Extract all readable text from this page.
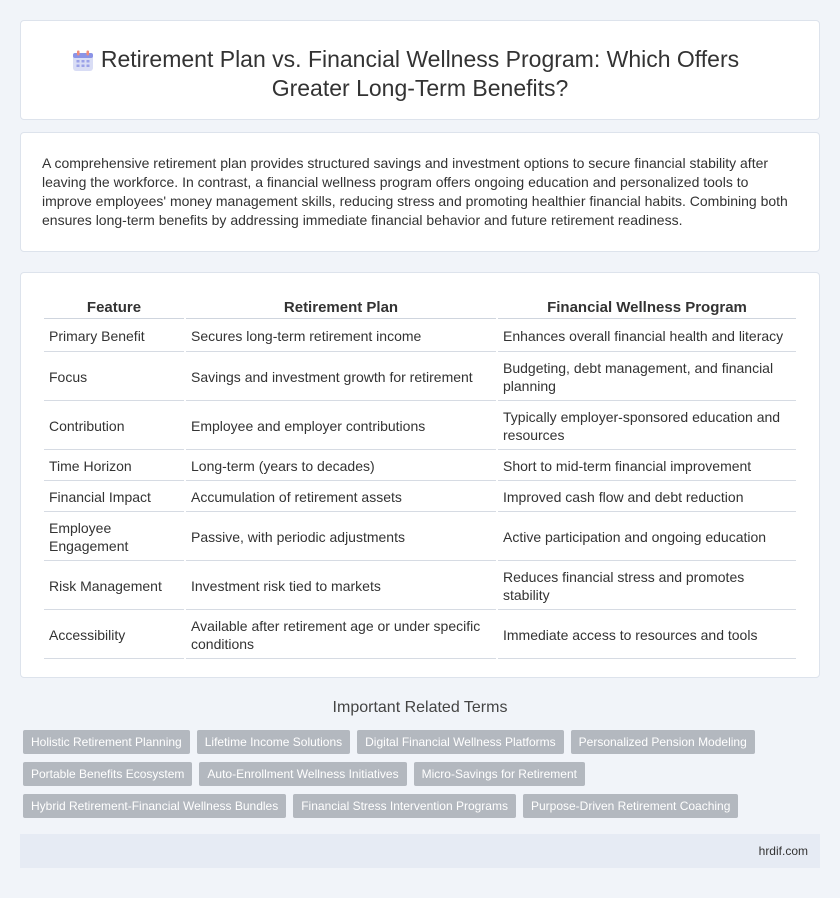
Retirement Plan vs. Financial Wellness Program: Which Offers Greater Long-Term Benefits?

A comprehensive retirement plan provides structured savings and investment options to secure financial stability after leaving the workforce. In contrast, a financial wellness program offers ongoing education and personalized tools to improve employees' money management skills, reducing stress and promoting healthier financial habits. Combining both ensures long-term benefits by addressing immediate financial behavior and future retirement readiness.

Feature	Retirement Plan	Financial Wellness Program
Primary Benefit	Secures long-term retirement income	Enhances overall financial health and literacy
Focus	Savings and investment growth for retirement	Budgeting, debt management, and financial planning
Contribution	Employee and employer contributions	Typically employer-sponsored education and resources
Time Horizon	Long-term (years to decades)	Short to mid-term financial improvement
Financial Impact	Accumulation of retirement assets	Improved cash flow and debt reduction
Employee Engagement	Passive, with periodic adjustments	Active participation and ongoing education
Risk Management	Investment risk tied to markets	Reduces financial stress and promotes stability
Accessibility	Available after retirement age or under specific conditions	Immediate access to resources and tools
Important Related Terms
Holistic Retirement Planning	Lifetime Income Solutions	Digital Financial Wellness Platforms	Personalized Pension Modeling
Portable Benefits Ecosystem	Auto-Enrollment Wellness Initiatives	Micro-Savings for Retirement
Hybrid Retirement-Financial Wellness Bundles	Financial Stress Intervention Programs	Purpose-Driven Retirement Coaching
hrdif.com
